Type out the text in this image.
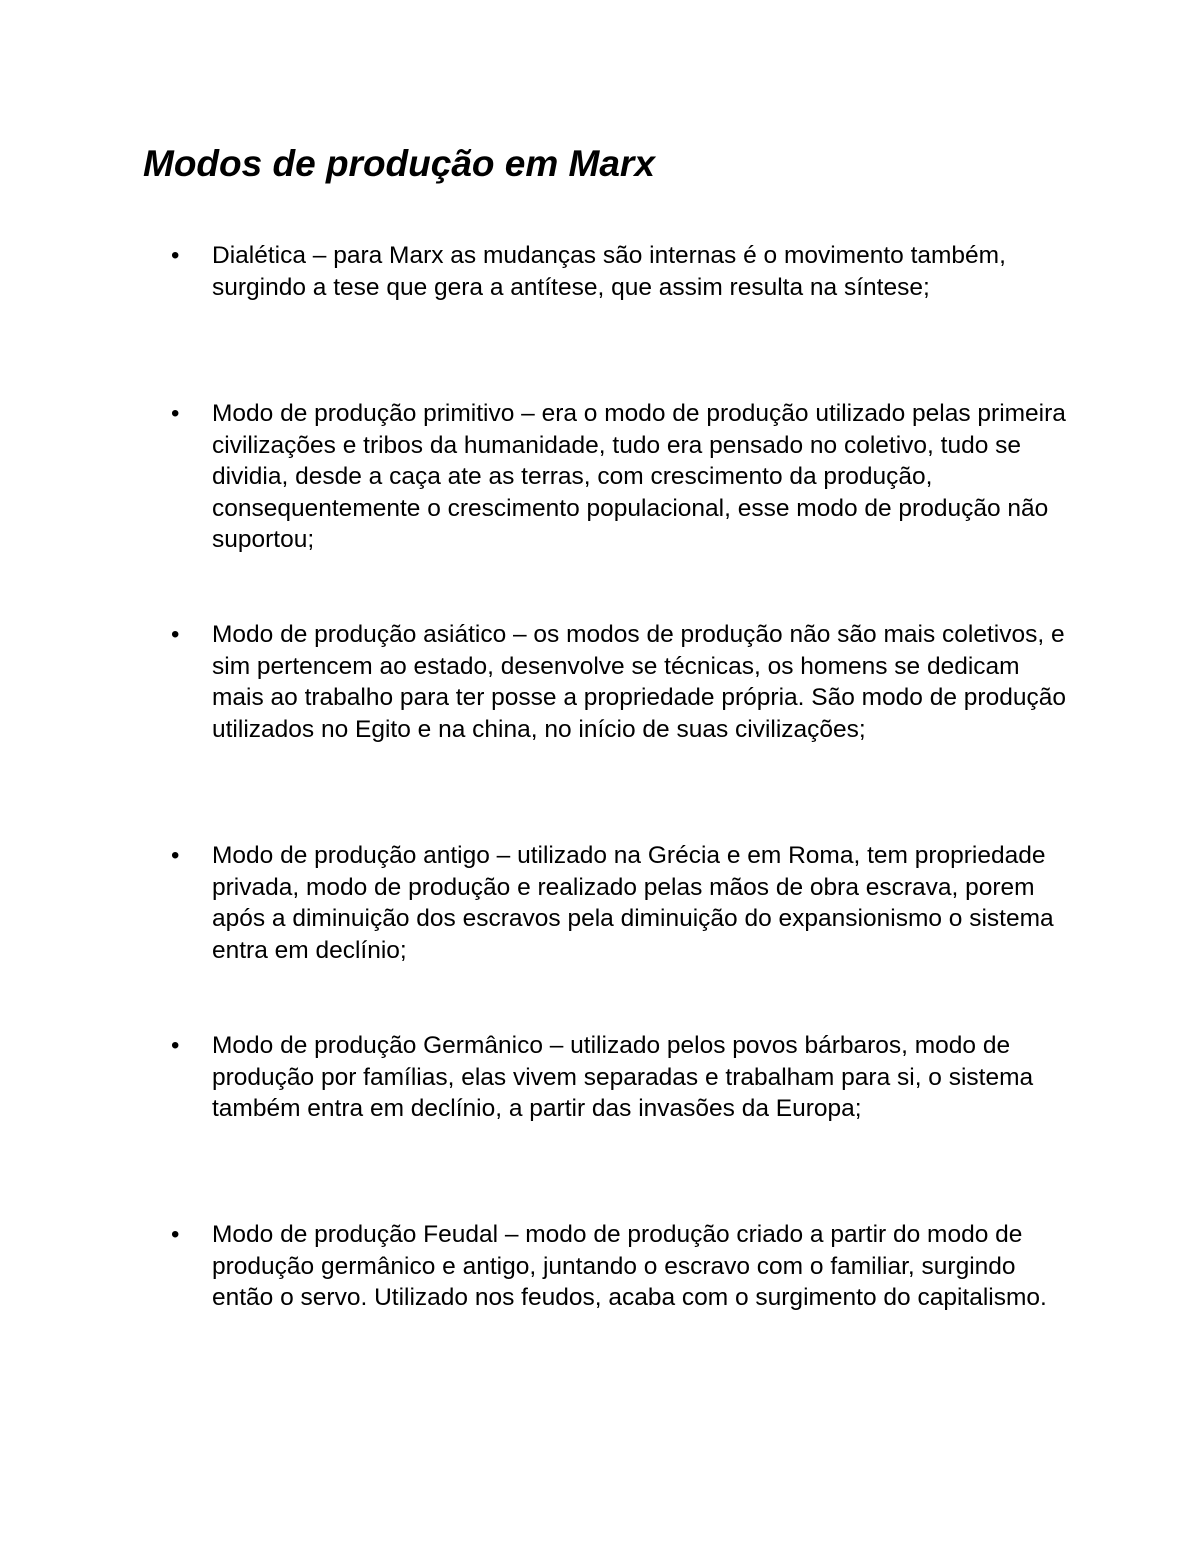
Modos de produção em Marx
•	Dialética – para Marx as mudanças são internas é o movimento também, surgindo a tese que gera a antítese, que assim resulta na síntese;

•	Modo de produção primitivo – era o modo de produção utilizado pelas primeira civilizações e tribos da humanidade, tudo era pensado no coletivo, tudo se dividia, desde a caça ate as terras, com crescimento da produção, consequentemente o crescimento populacional, esse modo de produção não suportou;

•	Modo de produção asiático – os modos de produção não são mais coletivos, e sim pertencem ao estado, desenvolve se técnicas, os homens se dedicam mais ao trabalho para ter posse a propriedade própria. São modo de produção utilizados no Egito e na china, no início de suas civilizações;

•	Modo de produção antigo – utilizado na Grécia e em Roma, tem propriedade privada, modo de produção e realizado pelas mãos de obra escrava, porem após a diminuição dos escravos pela diminuição do expansionismo o sistema entra em declínio;

•	Modo de produção Germânico – utilizado pelos povos bárbaros, modo de produção por famílias, elas vivem separadas e trabalham para si, o sistema também entra em declínio, a partir das invasões da Europa;

•	Modo de produção Feudal – modo de produção criado a partir do modo de produção germânico e antigo, juntando o escravo com o familiar, surgindo então o servo. Utilizado nos feudos, acaba com o surgimento do capitalismo.
